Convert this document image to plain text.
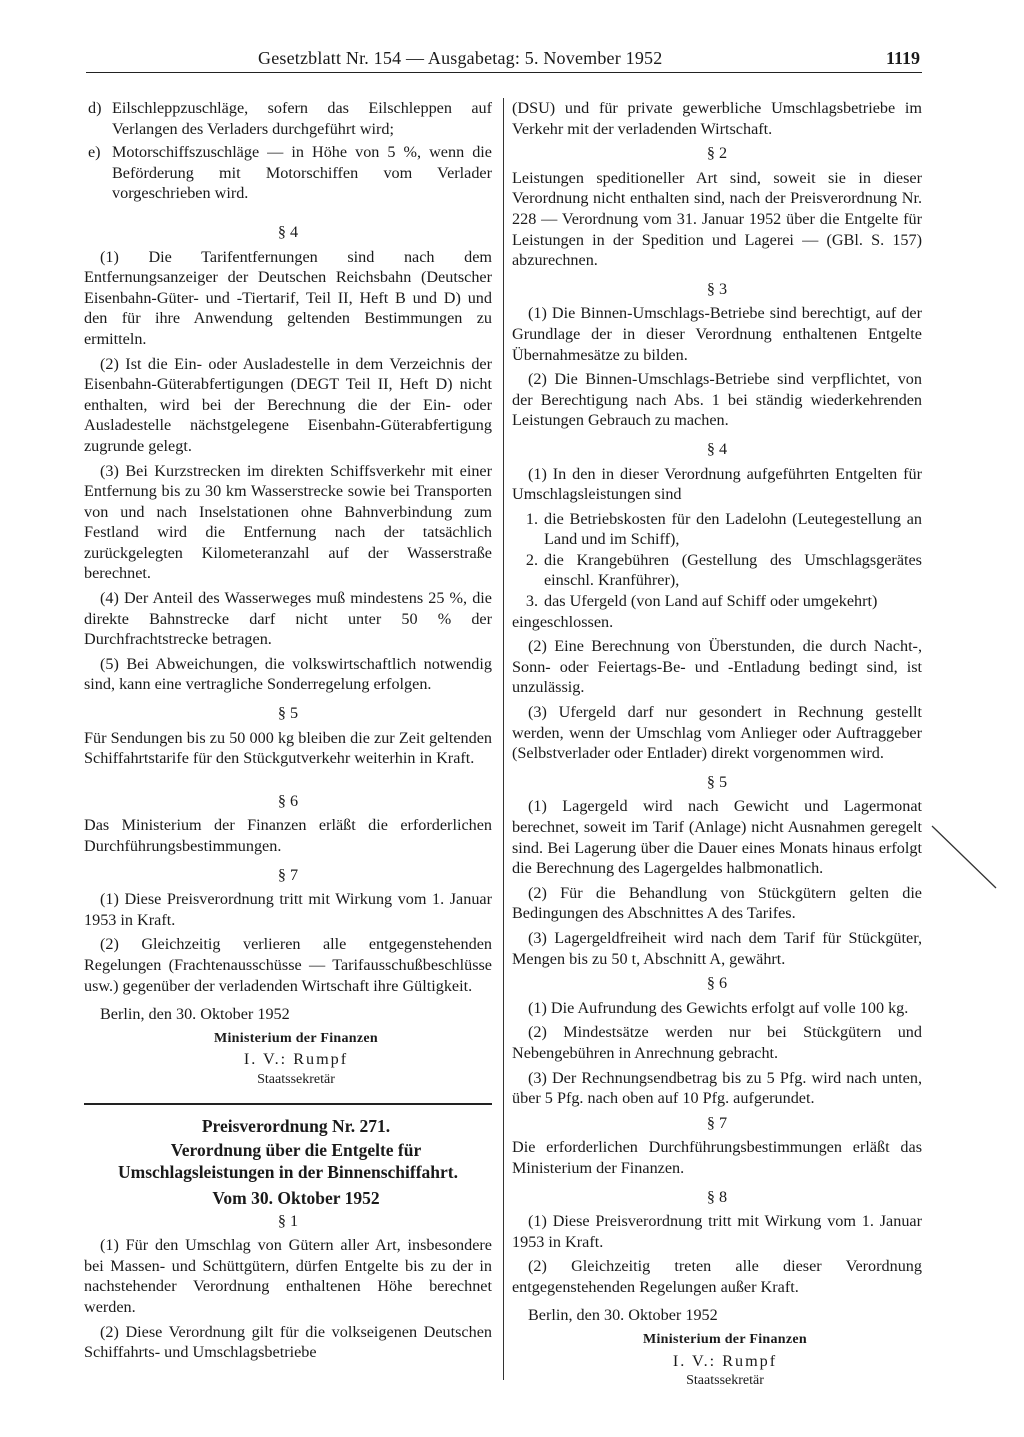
Gesetzblatt Nr. 154 — Ausgabetag: 5. November 1952	1119
d) Eilschleppzuschläge, sofern das Eilschleppen auf Verlangen des Verladers durchgeführt wird;
e) Motorschiffszuschläge — in Höhe von 5 %, wenn die Beförderung mit Motorschiffen vom Verlader vorgeschrieben wird.

§ 4

(1) Die Tarifentfernungen sind nach dem Entfernungsanzeiger der Deutschen Reichsbahn (Deutscher Eisenbahn-Güter- und -Tiertarif, Teil II, Heft B und D) und den für ihre Anwendung geltenden Bestimmungen zu ermitteln.

(2) Ist die Ein- oder Ausladestelle in dem Verzeichnis der Eisenbahn-Güterabfertigungen (DEGT Teil II, Heft D) nicht enthalten, wird bei der Berechnung die der Ein- oder Ausladestelle nächstgelegene Eisenbahn-Güterabfertigung zugrunde gelegt.

(3) Bei Kurzstrecken im direkten Schiffsverkehr mit einer Entfernung bis zu 30 km Wasserstrecke sowie bei Transporten von und nach Inselstationen ohne Bahnverbindung zum Festland wird die Entfernung nach der tatsächlich zurückgelegten Kilometeranzahl auf der Wasserstraße berechnet.

(4) Der Anteil des Wasserweges muß mindestens 25 %, die direkte Bahnstrecke darf nicht unter 50 % der Durchfrachtstrecke betragen.

(5) Bei Abweichungen, die volkswirtschaftlich notwendig sind, kann eine vertragliche Sonderregelung erfolgen.

§ 5

Für Sendungen bis zu 50 000 kg bleiben die zur Zeit geltenden Schiffahrtstarife für den Stückgutverkehr weiterhin in Kraft.

§ 6

Das Ministerium der Finanzen erläßt die erforderlichen Durchführungsbestimmungen.

§ 7

(1) Diese Preisverordnung tritt mit Wirkung vom 1. Januar 1953 in Kraft.

(2) Gleichzeitig verlieren alle entgegenstehenden Regelungen (Frachtenausschüsse — Tarifausschußbeschlüsse usw.) gegenüber der verladenden Wirtschaft ihre Gültigkeit.

Berlin, den 30. Oktober 1952

Ministerium der Finanzen

I. V.: Rumpf

Staatssekretär

Preisverordnung Nr. 271.

Verordnung über die Entgelte für Umschlagsleistungen in der Binnenschiffahrt.

Vom 30. Oktober 1952

§ 1

(1) Für den Umschlag von Gütern aller Art, insbesondere bei Massen- und Schüttgütern, dürfen Entgelte bis zu der in nachstehender Verordnung enthaltenen Höhe berechnet werden.

(2) Diese Verordnung gilt für die volkseigenen Deutschen Schiffahrts- und Umschlagsbetriebe

(DSU) und für private gewerbliche Umschlagsbetriebe im Verkehr mit der verladenden Wirtschaft.

§ 2

Leistungen speditioneller Art sind, soweit sie in dieser Verordnung nicht enthalten sind, nach der Preisverordnung Nr. 228 — Verordnung vom 31. Januar 1952 über die Entgelte für Leistungen in der Spedition und Lagerei — (GBl. S. 157) abzurechnen.

§ 3

(1) Die Binnen-Umschlags-Betriebe sind berechtigt, auf der Grundlage der in dieser Verordnung enthaltenen Entgelte Übernahmesätze zu bilden.

(2) Die Binnen-Umschlags-Betriebe sind verpflichtet, von der Berechtigung nach Abs. 1 bei ständig wiederkehrenden Leistungen Gebrauch zu machen.

§ 4

(1) In den in dieser Verordnung aufgeführten Entgelten für Umschlagsleistungen sind

1. die Betriebskosten für den Ladelohn (Leutegestellung an Land und im Schiff),
2. die Krangebühren (Gestellung des Umschlagsgerätes einschl. Kranführer),
3. das Ufergeld (von Land auf Schiff oder umgekehrt)

eingeschlossen.

(2) Eine Berechnung von Überstunden, die durch Nacht-, Sonn- oder Feiertags-Be- und -Entladung bedingt sind, ist unzulässig.

(3) Ufergeld darf nur gesondert in Rechnung gestellt werden, wenn der Umschlag vom Anlieger oder Auftraggeber (Selbstverlader oder Entlader) direkt vorgenommen wird.

§ 5

(1) Lagergeld wird nach Gewicht und Lagermonat berechnet, soweit im Tarif (Anlage) nicht Ausnahmen geregelt sind. Bei Lagerung über die Dauer eines Monats hinaus erfolgt die Berechnung des Lagergeldes halbmonatlich.

(2) Für die Behandlung von Stückgütern gelten die Bedingungen des Abschnittes A des Tarifes.

(3) Lagergeldfreiheit wird nach dem Tarif für Stückgüter, Mengen bis zu 50 t, Abschnitt A, gewährt.

§ 6

(1) Die Aufrundung des Gewichts erfolgt auf volle 100 kg.

(2) Mindestsätze werden nur bei Stückgütern und Nebengebühren in Anrechnung gebracht.

(3) Der Rechnungsendbetrag bis zu 5 Pfg. wird nach unten, über 5 Pfg. nach oben auf 10 Pfg. aufgerundet.

§ 7

Die erforderlichen Durchführungsbestimmungen erläßt das Ministerium der Finanzen.

§ 8

(1) Diese Preisverordnung tritt mit Wirkung vom 1. Januar 1953 in Kraft.

(2) Gleichzeitig treten alle dieser Verordnung entgegenstehenden Regelungen außer Kraft.

Berlin, den 30. Oktober 1952

Ministerium der Finanzen

I. V.: Rumpf

Staatssekretär
